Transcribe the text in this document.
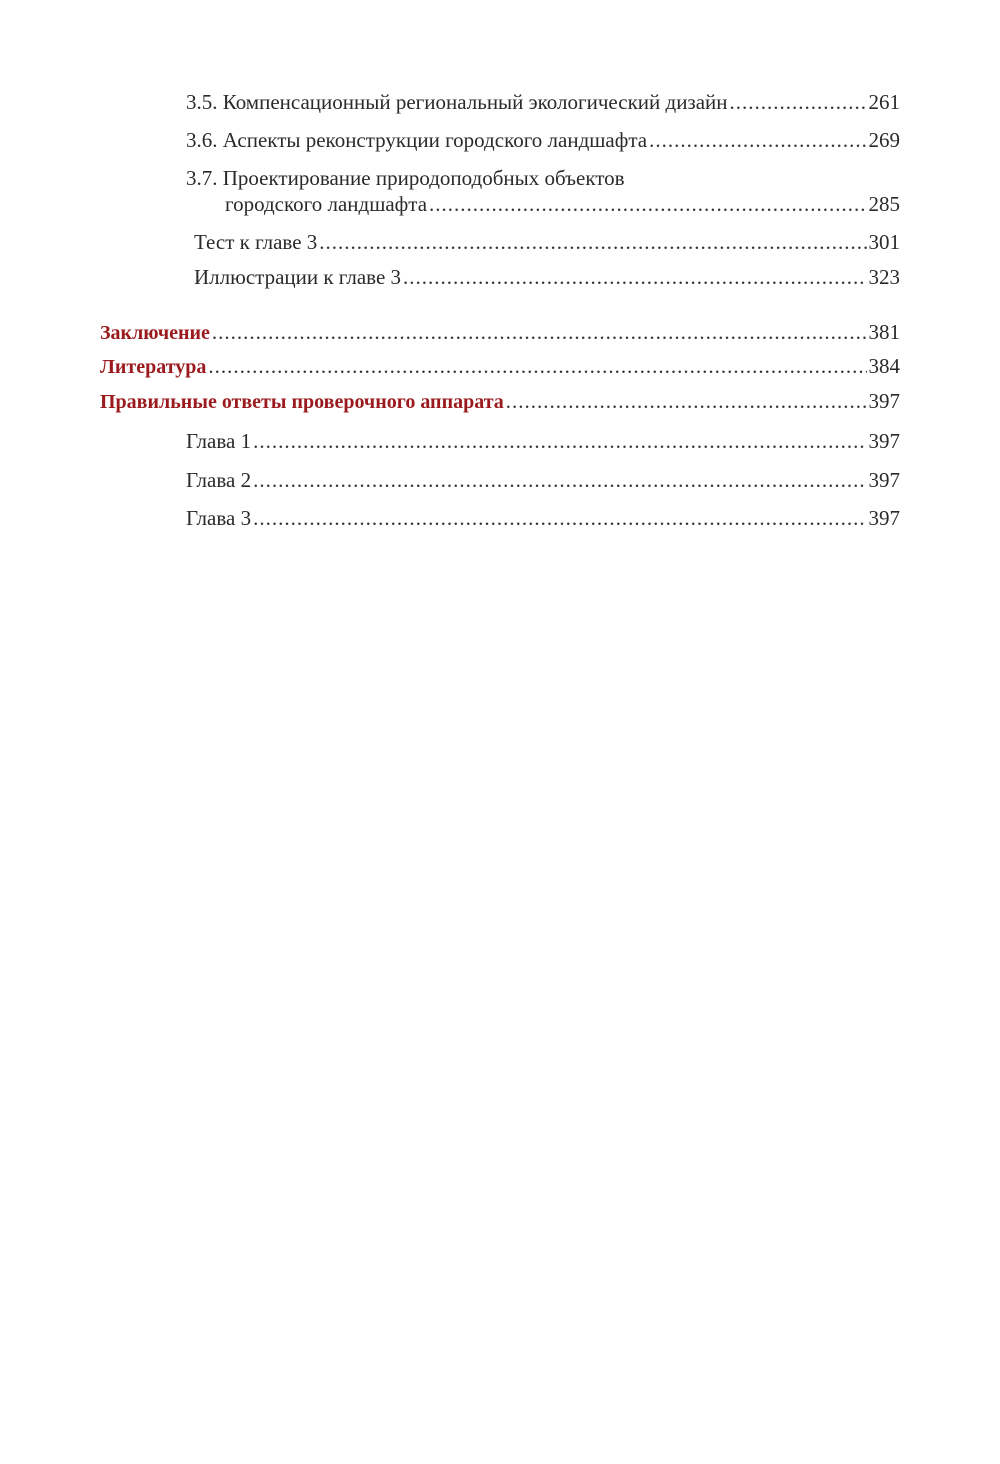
3.5. Компенсационный региональный экологический дизайн .....	261
3.6. Аспекты реконструкции городского ландшафта .....	269
3.7. Проектирование природоподобных объектов
городского ландшафта .....	285
Тест к главе 3 .....	301
Иллюстрации к главе 3 .....	323
Заключение .....	381
Литература .....	384
Правильные ответы проверочного аппарата .....	397
Глава 1 .....	397
Глава 2 .....	397
Глава 3 .....	397
